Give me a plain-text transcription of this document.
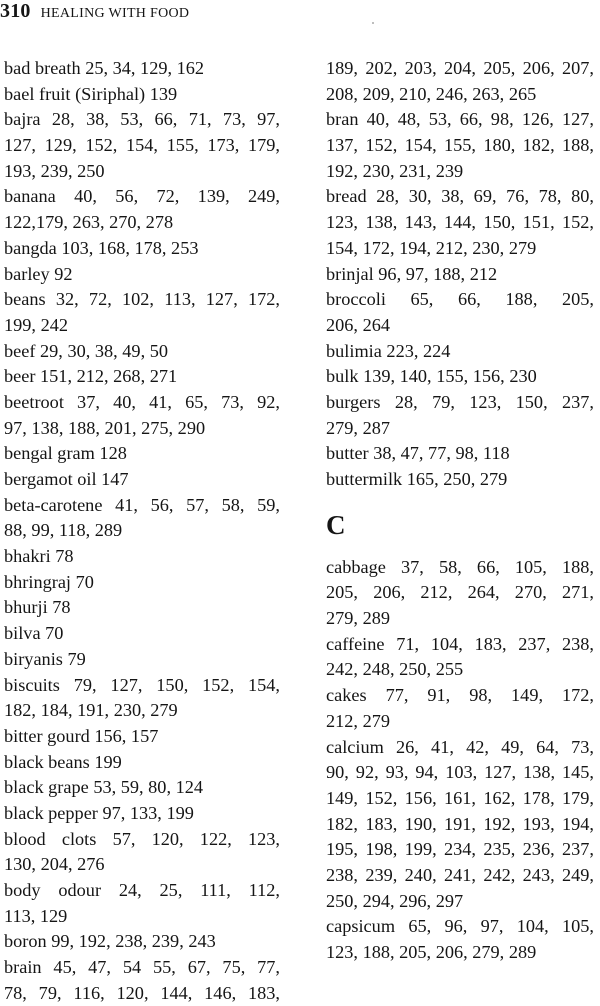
310 HEALING WITH FOOD
bad breath 25, 34, 129, 162
bael fruit (Siriphal) 139
bajra 28, 38, 53, 66, 71, 73, 97,
127, 129, 152, 154, 155, 173, 179,
193, 239, 250
banana 40, 56, 72, 139, 249,
122,179, 263, 270, 278
bangda 103, 168, 178, 253
barley 92
beans 32, 72, 102, 113, 127, 172,
199, 242
beef 29, 30, 38, 49, 50
beer 151, 212, 268, 271
beetroot 37, 40, 41, 65, 73, 92,
97, 138, 188, 201, 275, 290
bengal gram 128
bergamot oil 147
beta-carotene 41, 56, 57, 58, 59,
88, 99, 118, 289
bhakri 78
bhringraj 70
bhurji 78
bilva 70
biryanis 79
biscuits 79, 127, 150, 152, 154,
182, 184, 191, 230, 279
bitter gourd 156, 157
black beans 199
black grape 53, 59, 80, 124
black pepper 97, 133, 199
blood clots 57, 120, 122, 123,
130, 204, 276
body odour 24, 25, 111, 112,
113, 129
boron 99, 192, 238, 239, 243
brain 45, 47, 54 55, 67, 75, 77,
78, 79, 116, 120, 144, 146, 183,
189, 202, 203, 204, 205, 206, 207,
208, 209, 210, 246, 263, 265
bran 40, 48, 53, 66, 98, 126, 127,
137, 152, 154, 155, 180, 182, 188,
192, 230, 231, 239
bread 28, 30, 38, 69, 76, 78, 80,
123, 138, 143, 144, 150, 151, 152,
154, 172, 194, 212, 230, 279
brinjal 96, 97, 188, 212
broccoli 65, 66, 188, 205,
206, 264
bulimia 223, 224
bulk 139, 140, 155, 156, 230
burgers 28, 79, 123, 150, 237,
279, 287
butter 38, 47, 77, 98, 118
buttermilk 165, 250, 279
C
cabbage 37, 58, 66, 105, 188,
205, 206, 212, 264, 270, 271,
279, 289
caffeine 71, 104, 183, 237, 238,
242, 248, 250, 255
cakes 77, 91, 98, 149, 172,
212, 279
calcium 26, 41, 42, 49, 64, 73,
90, 92, 93, 94, 103, 127, 138, 145,
149, 152, 156, 161, 162, 178, 179,
182, 183, 190, 191, 192, 193, 194,
195, 198, 199, 234, 235, 236, 237,
238, 239, 240, 241, 242, 243, 249,
250, 294, 296, 297
capsicum 65, 96, 97, 104, 105,
123, 188, 205, 206, 279, 289
